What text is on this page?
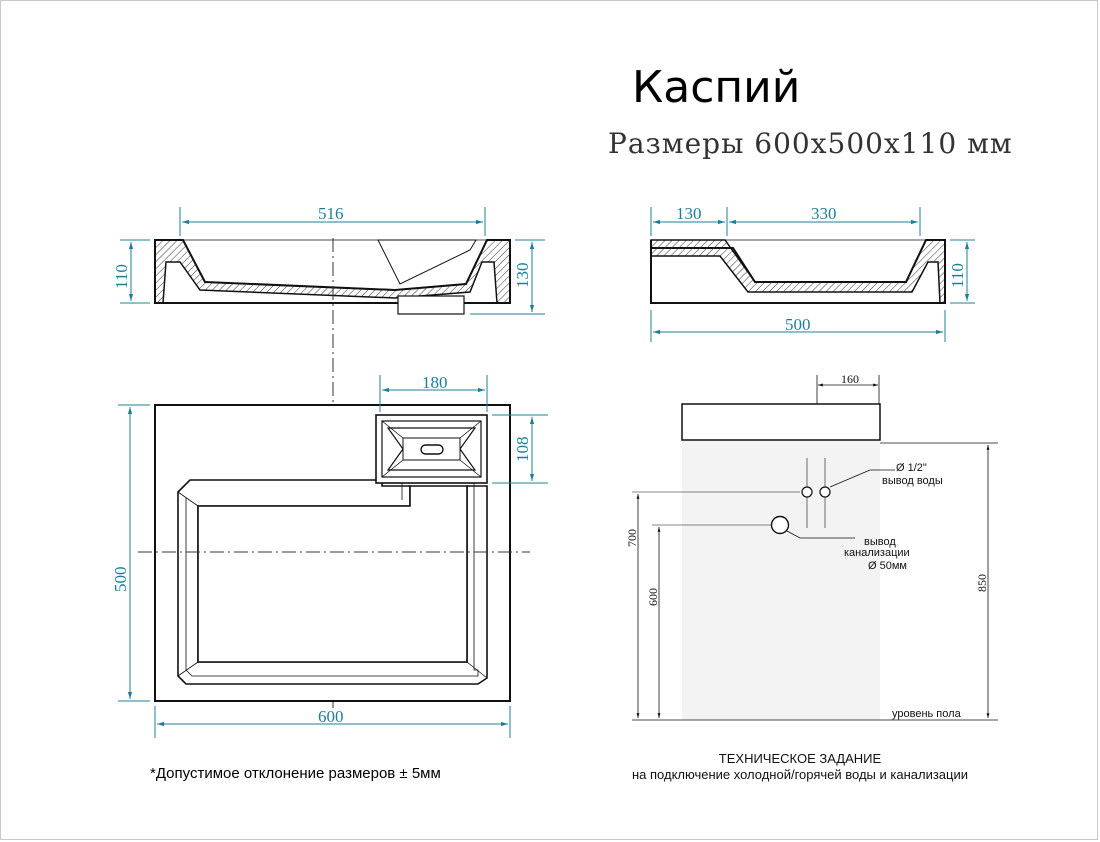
Каспий
Размеры 600х500х110 мм
516
110	130
130	330
500
110
180
108
500
600
*Допустимое отклонение размеров ± 5мм
160
Ø 1/2"
вывод воды
вывод
канализации
Ø 50мм
уровень пола
700
600
850
ТЕХНИЧЕСКОЕ ЗАДАНИЕ
на подключение холодной/горячей воды и канализации
